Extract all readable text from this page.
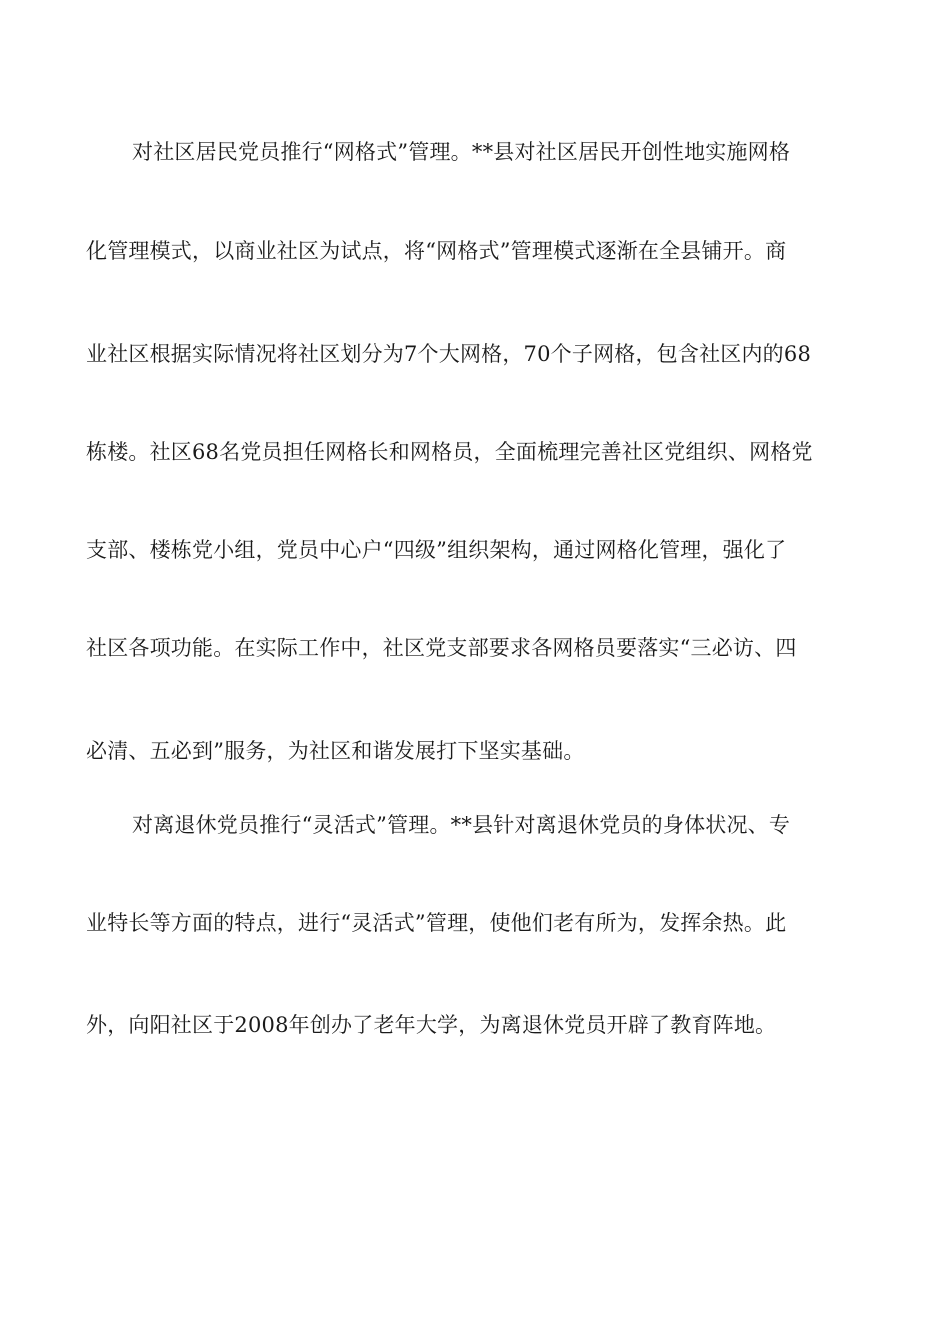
对社区居民党员推行“网格式”管理。**县对社区居民开创性地实施网格
化管理模式，以商业社区为试点，将“网格式”管理模式逐渐在全县铺开。商
业社区根据实际情况将社区划分为7个大网格，70个子网格，包含社区内的68
栋楼。社区68名党员担任网格长和网格员，全面梳理完善社区党组织、网格党
支部、楼栋党小组，党员中心户“四级”组织架构，通过网格化管理，强化了
社区各项功能。在实际工作中，社区党支部要求各网格员要落实“三必访、四
必清、五必到”服务，为社区和谐发展打下坚实基础。
对离退休党员推行“灵活式”管理。**县针对离退休党员的身体状况、专
业特长等方面的特点，进行“灵活式”管理，使他们老有所为，发挥余热。此
外，向阳社区于2008年创办了老年大学，为离退休党员开辟了教育阵地。
